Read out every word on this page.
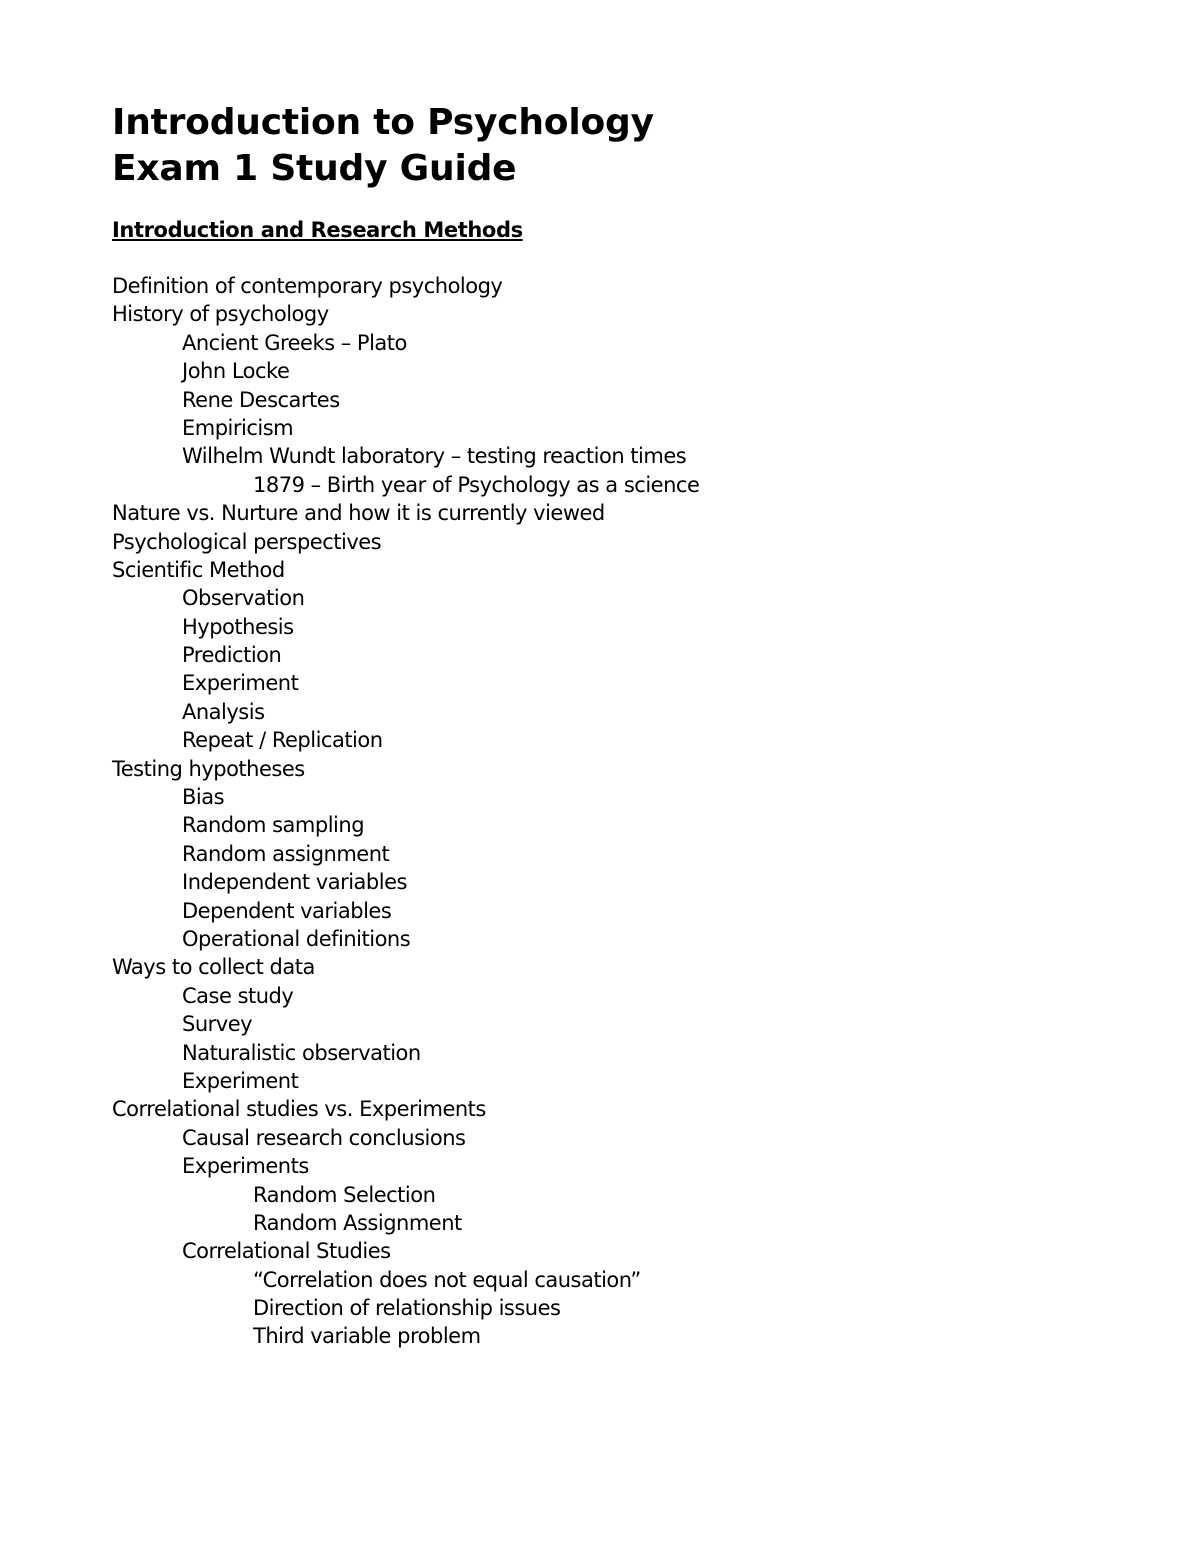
Introduction to Psychology
Exam 1 Study Guide
Introduction and Research Methods
Definition of contemporary psychology
History of psychology
Ancient Greeks – Plato
John Locke
Rene Descartes
Empiricism
Wilhelm Wundt laboratory – testing reaction times
1879 – Birth year of Psychology as a science
Nature vs. Nurture and how it is currently viewed
Psychological perspectives
Scientific Method
Observation
Hypothesis
Prediction
Experiment
Analysis
Repeat / Replication
Testing hypotheses
Bias
Random sampling
Random assignment
Independent variables
Dependent variables
Operational definitions
Ways to collect data
Case study
Survey
Naturalistic observation
Experiment
Correlational studies vs. Experiments
Causal research conclusions
Experiments
Random Selection
Random Assignment
Correlational Studies
“Correlation does not equal causation”
Direction of relationship issues
Third variable problem
